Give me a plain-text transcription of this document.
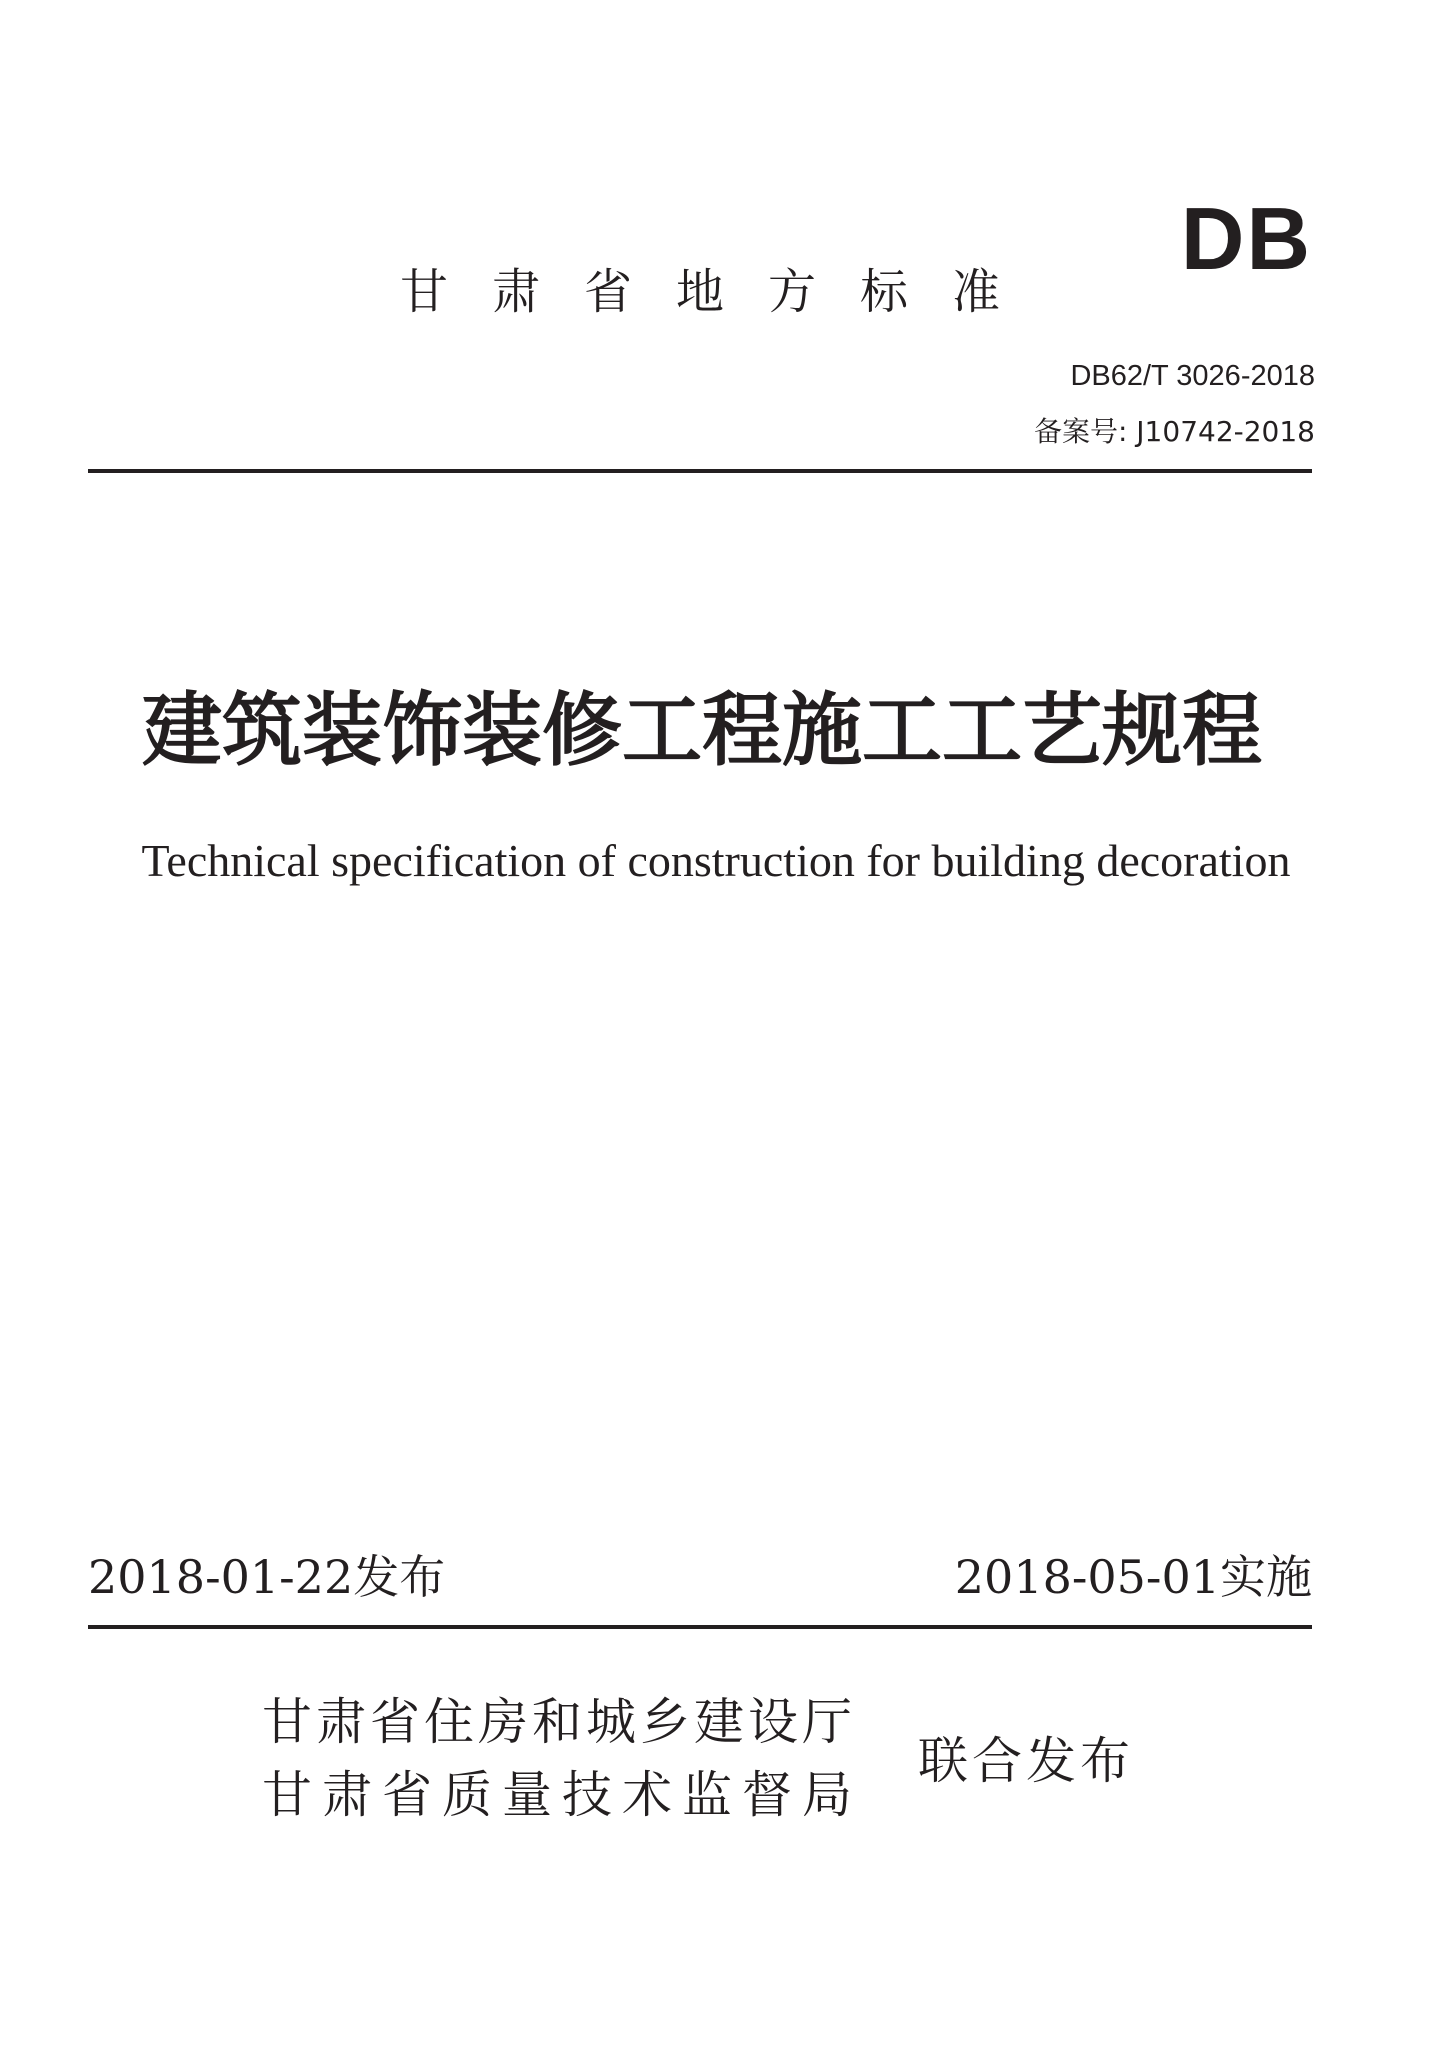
DB
甘肃省地方标准
DB62/T 3026-2018
备案号: J10742-2018
建筑装饰装修工程施工工艺规程
Technical specification of construction for building decoration
2018-01-22发布	2018-05-01实施
甘肃省住房和城乡建设厅
甘肃省质量技术监督局
联合发布
